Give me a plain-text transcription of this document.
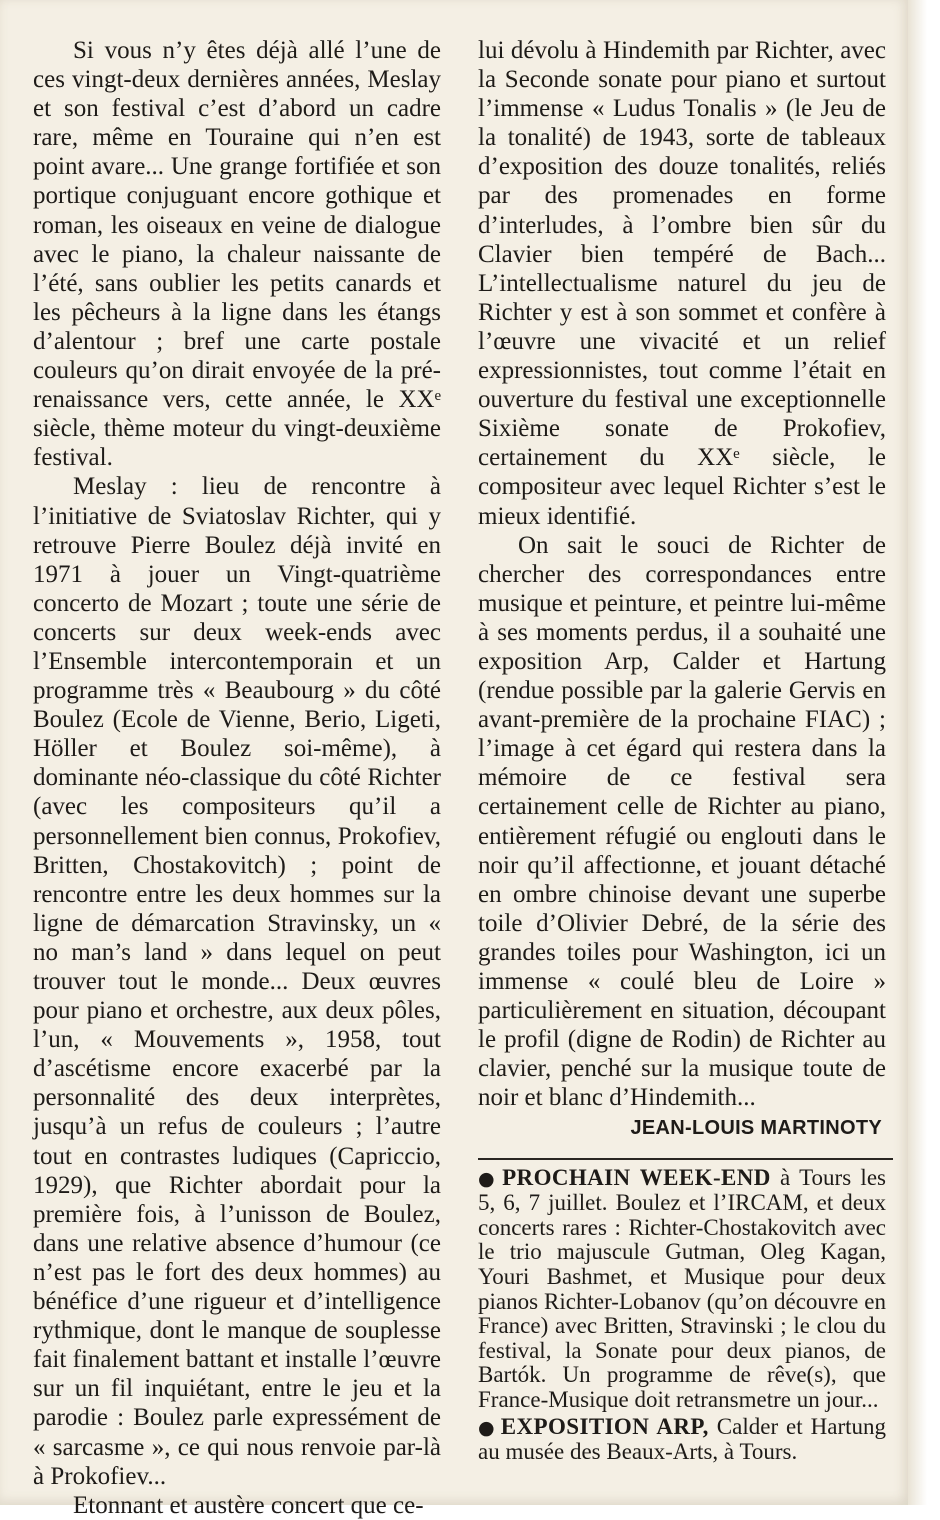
Si vous n’y êtes déjà allé l’une de ces vingt-deux dernières années, Meslay et son festival c’est d’abord un cadre rare, même en Touraine qui n’en est point avare... Une grange fortifiée et son portique conjuguant encore gothique et roman, les oiseaux en veine de dialogue avec le piano, la chaleur naissante de l’été, sans oublier les petits canards et les pêcheurs à la ligne dans les étangs d’alentour ; bref une carte postale couleurs qu’on dirait envoyée de la pré-renaissance vers, cette année, le XXᵉ siècle, thème moteur du vingt-deuxième festival.

Meslay : lieu de rencontre à l’initiative de Sviatoslav Richter, qui y retrouve Pierre Boulez déjà invité en 1971 à jouer un Vingt-quatrième concerto de Mozart ; toute une série de concerts sur deux week-ends avec l’Ensemble intercontemporain et un programme très « Beaubourg » du côté Boulez (Ecole de Vienne, Berio, Ligeti, Höller et Boulez soi-même), à dominante néo-classique du côté Richter (avec les compositeurs qu’il a personnellement bien connus, Prokofiev, Britten, Chostakovitch) ; point de rencontre entre les deux hommes sur la ligne de démarcation Stravinsky, un « no man’s land » dans lequel on peut trouver tout le monde... Deux œuvres pour piano et orchestre, aux deux pôles, l’un, « Mouvements », 1958, tout d’ascétisme encore exacerbé par la personnalité des deux interprètes, jusqu’à un refus de couleurs ; l’autre tout en contrastes ludiques (Capriccio, 1929), que Richter abordait pour la première fois, à l’unisson de Boulez, dans une relative absence d’humour (ce n’est pas le fort des deux hommes) au bénéfice d’une rigueur et d’intelligence rythmique, dont le manque de souplesse fait finalement battant et installe l’œuvre sur un fil inquiétant, entre le jeu et la parodie : Boulez parle expressément de « sarcasme », ce qui nous renvoie par-là à Prokofiev...

Etonnant et austère concert que ce-

lui dévolu à Hindemith par Richter, avec la Seconde sonate pour piano et surtout l’immense « Ludus Tonalis » (le Jeu de la tonalité) de 1943, sorte de tableaux d’exposition des douze tonalités, reliés par des promenades en forme d’interludes, à l’ombre bien sûr du Clavier bien tempéré de Bach... L’intellectualisme naturel du jeu de Richter y est à son sommet et confère à l’œuvre une vivacité et un relief expressionnistes, tout comme l’était en ouverture du festival une exceptionnelle Sixième sonate de Prokofiev, certainement du XXᵉ siècle, le compositeur avec lequel Richter s’est le mieux identifié.

On sait le souci de Richter de chercher des correspondances entre musique et peinture, et peintre lui-même à ses moments perdus, il a souhaité une exposition Arp, Calder et Hartung (rendue possible par la galerie Gervis en avant-première de la prochaine FIAC) ; l’image à cet égard qui restera dans la mémoire de ce festival sera certainement celle de Richter au piano, entièrement réfugié ou englouti dans le noir qu’il affectionne, et jouant détaché en ombre chinoise devant une superbe toile d’Olivier Debré, de la série des grandes toiles pour Washington, ici un immense « coulé bleu de Loire » particulièrement en situation, découpant le profil (digne de Rodin) de Richter au clavier, penché sur la musique toute de noir et blanc d’Hindemith...

JEAN-LOUIS MARTINOTY

● PROCHAIN WEEK-END à Tours les 5, 6, 7 juillet. Boulez et l’IRCAM, et deux concerts rares : Richter-Chostakovitch avec le trio majuscule Gutman, Oleg Kagan, Youri Bashmet, et Musique pour deux pianos Richter-Lobanov (qu’on découvre en France) avec Britten, Stravinski ; le clou du festival, la Sonate pour deux pianos, de Bartók. Un programme de rêve(s), que France-Musique doit retransmetre un jour...

● EXPOSITION ARP, Calder et Hartung au musée des Beaux-Arts, à Tours.
